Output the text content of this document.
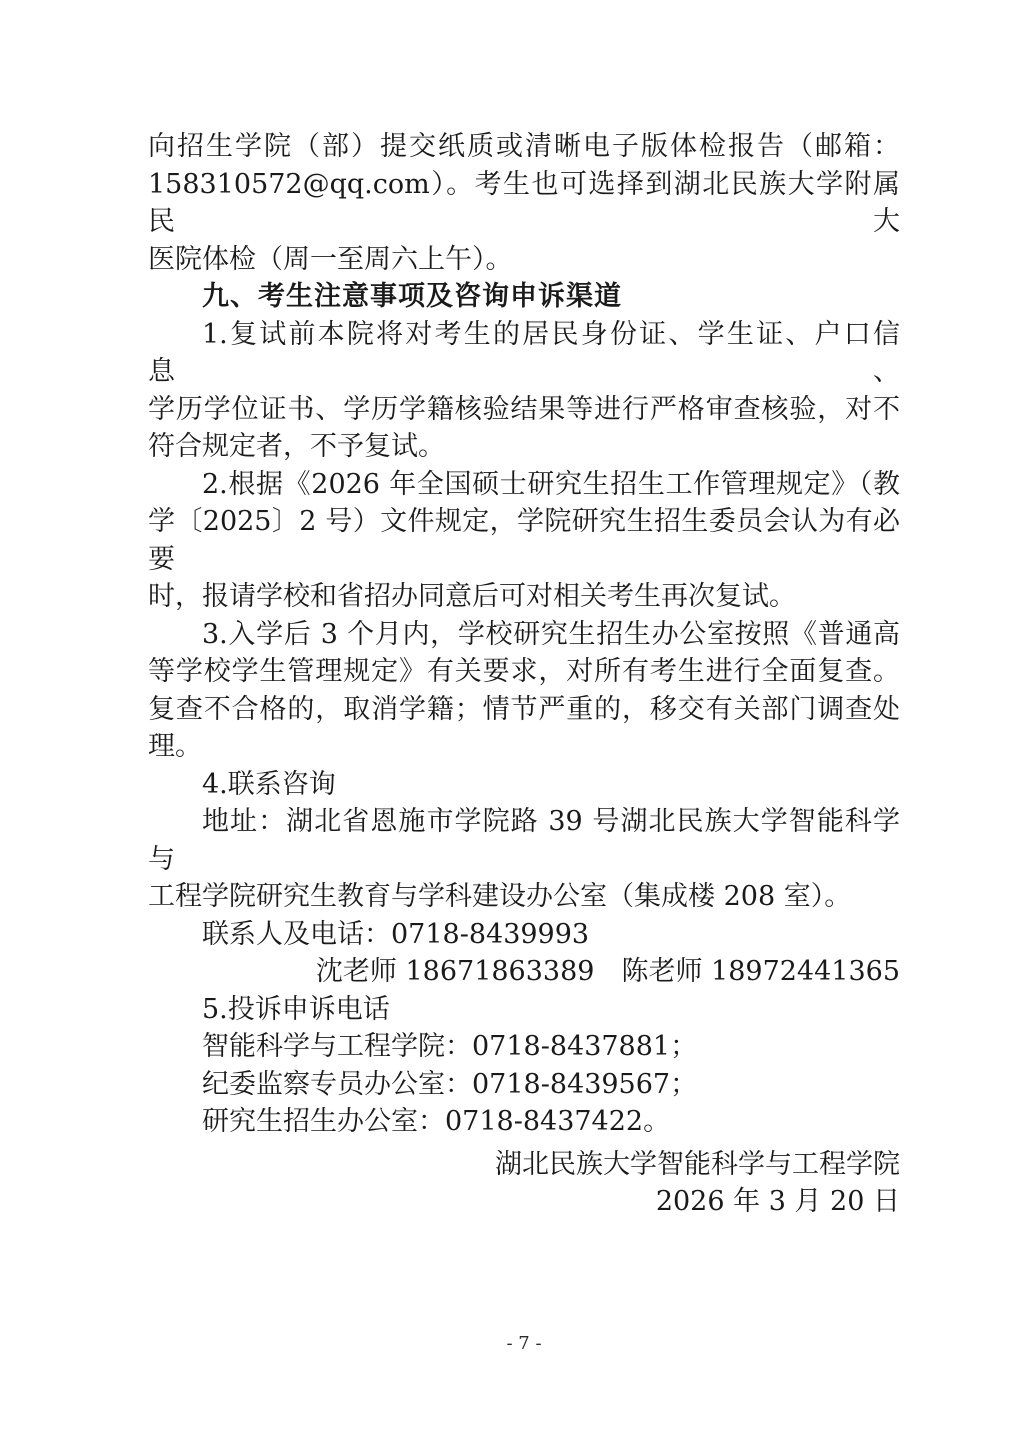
向招生学院（部）提交纸质或清晰电子版体检报告（邮箱：
158310572@qq.com）。考生也可选择到湖北民族大学附属民大
医院体检（周一至周六上午）。
九、考生注意事项及咨询申诉渠道
1.复试前本院将对考生的居民身份证、学生证、户口信息、
学历学位证书、学历学籍核验结果等进行严格审查核验，对不
符合规定者，不予复试。
2.根据《2026 年全国硕士研究生招生工作管理规定》（教
学〔2025〕2 号）文件规定，学院研究生招生委员会认为有必要
时，报请学校和省招办同意后可对相关考生再次复试。
3.入学后 3 个月内，学校研究生招生办公室按照《普通高
等学校学生管理规定》有关要求，对所有考生进行全面复查。
复查不合格的，取消学籍；情节严重的，移交有关部门调查处
理。
4.联系咨询
地址：湖北省恩施市学院路 39 号湖北民族大学智能科学与
工程学院研究生教育与学科建设办公室（集成楼 208 室）。
联系人及电话：0718-8439993
沈老师 18671863389　陈老师 18972441365
5.投诉申诉电话
智能科学与工程学院：0718-8437881；
纪委监察专员办公室：0718-8439567；
研究生招生办公室：0718-8437422。
湖北民族大学智能科学与工程学院
2026 年 3 月 20 日
- 7 -
